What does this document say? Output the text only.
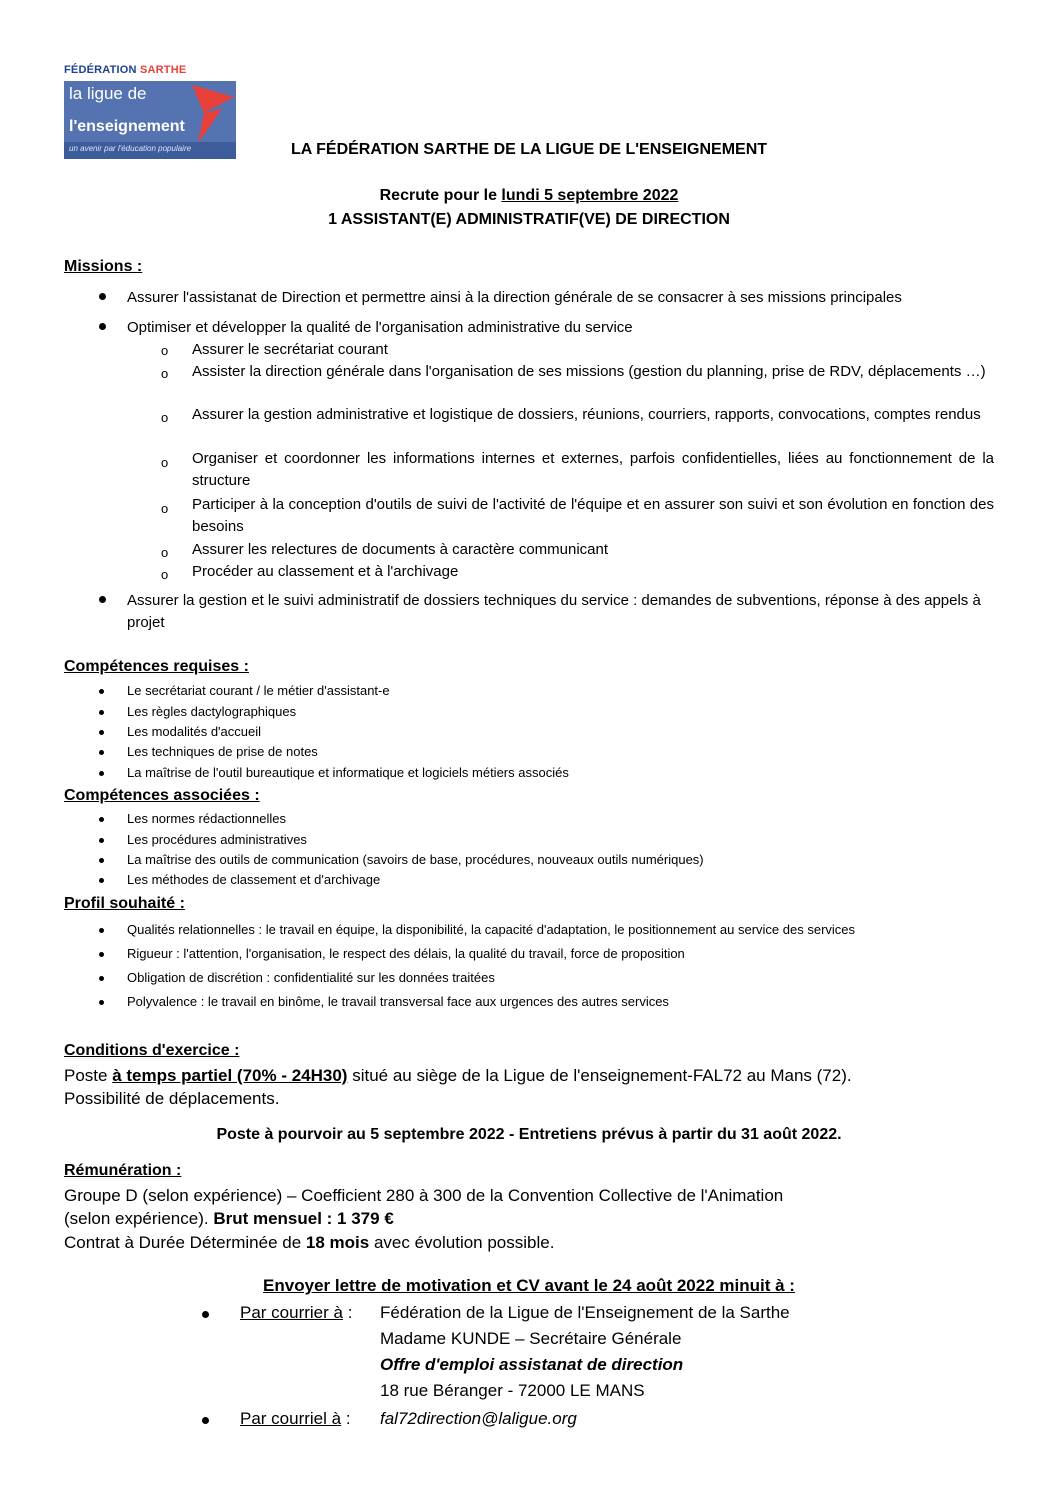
FÉDÉRATION SARTHE
la ligue de
l'enseignement
un avenir par l'éducation populaire	LA FÉDÉRATION SARTHE DE LA LIGUE DE L'ENSEIGNEMENT
Recrute pour le lundi 5 septembre 2022
1 ASSISTANT(E) ADMINISTRATIF(VE) DE DIRECTION
Missions :
Assurer l'assistanat de Direction et permettre ainsi à la direction générale de se consacrer à ses missions principales
Optimiser et développer la qualité de l'organisation administrative du service
o Assurer le secrétariat courant
o Assister la direction générale dans l'organisation de ses missions (gestion du planning, prise de RDV, déplacements …)
o Assurer la gestion administrative et logistique de dossiers, réunions, courriers, rapports, convocations, comptes rendus
o Organiser et coordonner les informations internes et externes, parfois confidentielles, liées au fonctionnement de la structure
o Participer à la conception d'outils de suivi de l'activité de l'équipe et en assurer son suivi et son évolution en fonction des besoins
o Assurer les relectures de documents à caractère communicant
o Procéder au classement et à l'archivage
Assurer la gestion et le suivi administratif de dossiers techniques du service : demandes de subventions, réponse à des appels à projet
Compétences requises :
Le secrétariat courant / le métier d'assistant-e
Les règles dactylographiques
Les modalités d'accueil
Les techniques de prise de notes
La maîtrise de l'outil bureautique et informatique et logiciels métiers associés
Compétences associées :
Les normes rédactionnelles
Les procédures administratives
La maîtrise des outils de communication (savoirs de base, procédures, nouveaux outils numériques)
Les méthodes de classement et d'archivage
Profil souhaité :
Qualités relationnelles : le travail en équipe, la disponibilité, la capacité d'adaptation, le positionnement au service des services
Rigueur : l'attention, l'organisation, le respect des délais, la qualité du travail, force de proposition
Obligation de discrétion : confidentialité sur les données traitées
Polyvalence : le travail en binôme, le travail transversal face aux urgences des autres services
Conditions d'exercice :
Poste à temps partiel (70% - 24H30) situé au siège de la Ligue de l'enseignement-FAL72 au Mans (72).
Possibilité de déplacements.
Poste à pourvoir au 5 septembre 2022 - Entretiens prévus à partir du 31 août 2022.
Rémunération :
Groupe D (selon expérience) – Coefficient 280 à 300 de la Convention Collective de l'Animation
(selon expérience). Brut mensuel : 1 379 €
Contrat à Durée Déterminée de 18 mois avec évolution possible.
Envoyer lettre de motivation et CV avant le 24 août 2022 minuit à :
Par courrier à : Fédération de la Ligue de l'Enseignement de la Sarthe
Madame KUNDE – Secrétaire Générale
Offre d'emploi assistanat de direction
18 rue Béranger - 72000 LE MANS
Par courriel à : fal72direction@laligue.org
